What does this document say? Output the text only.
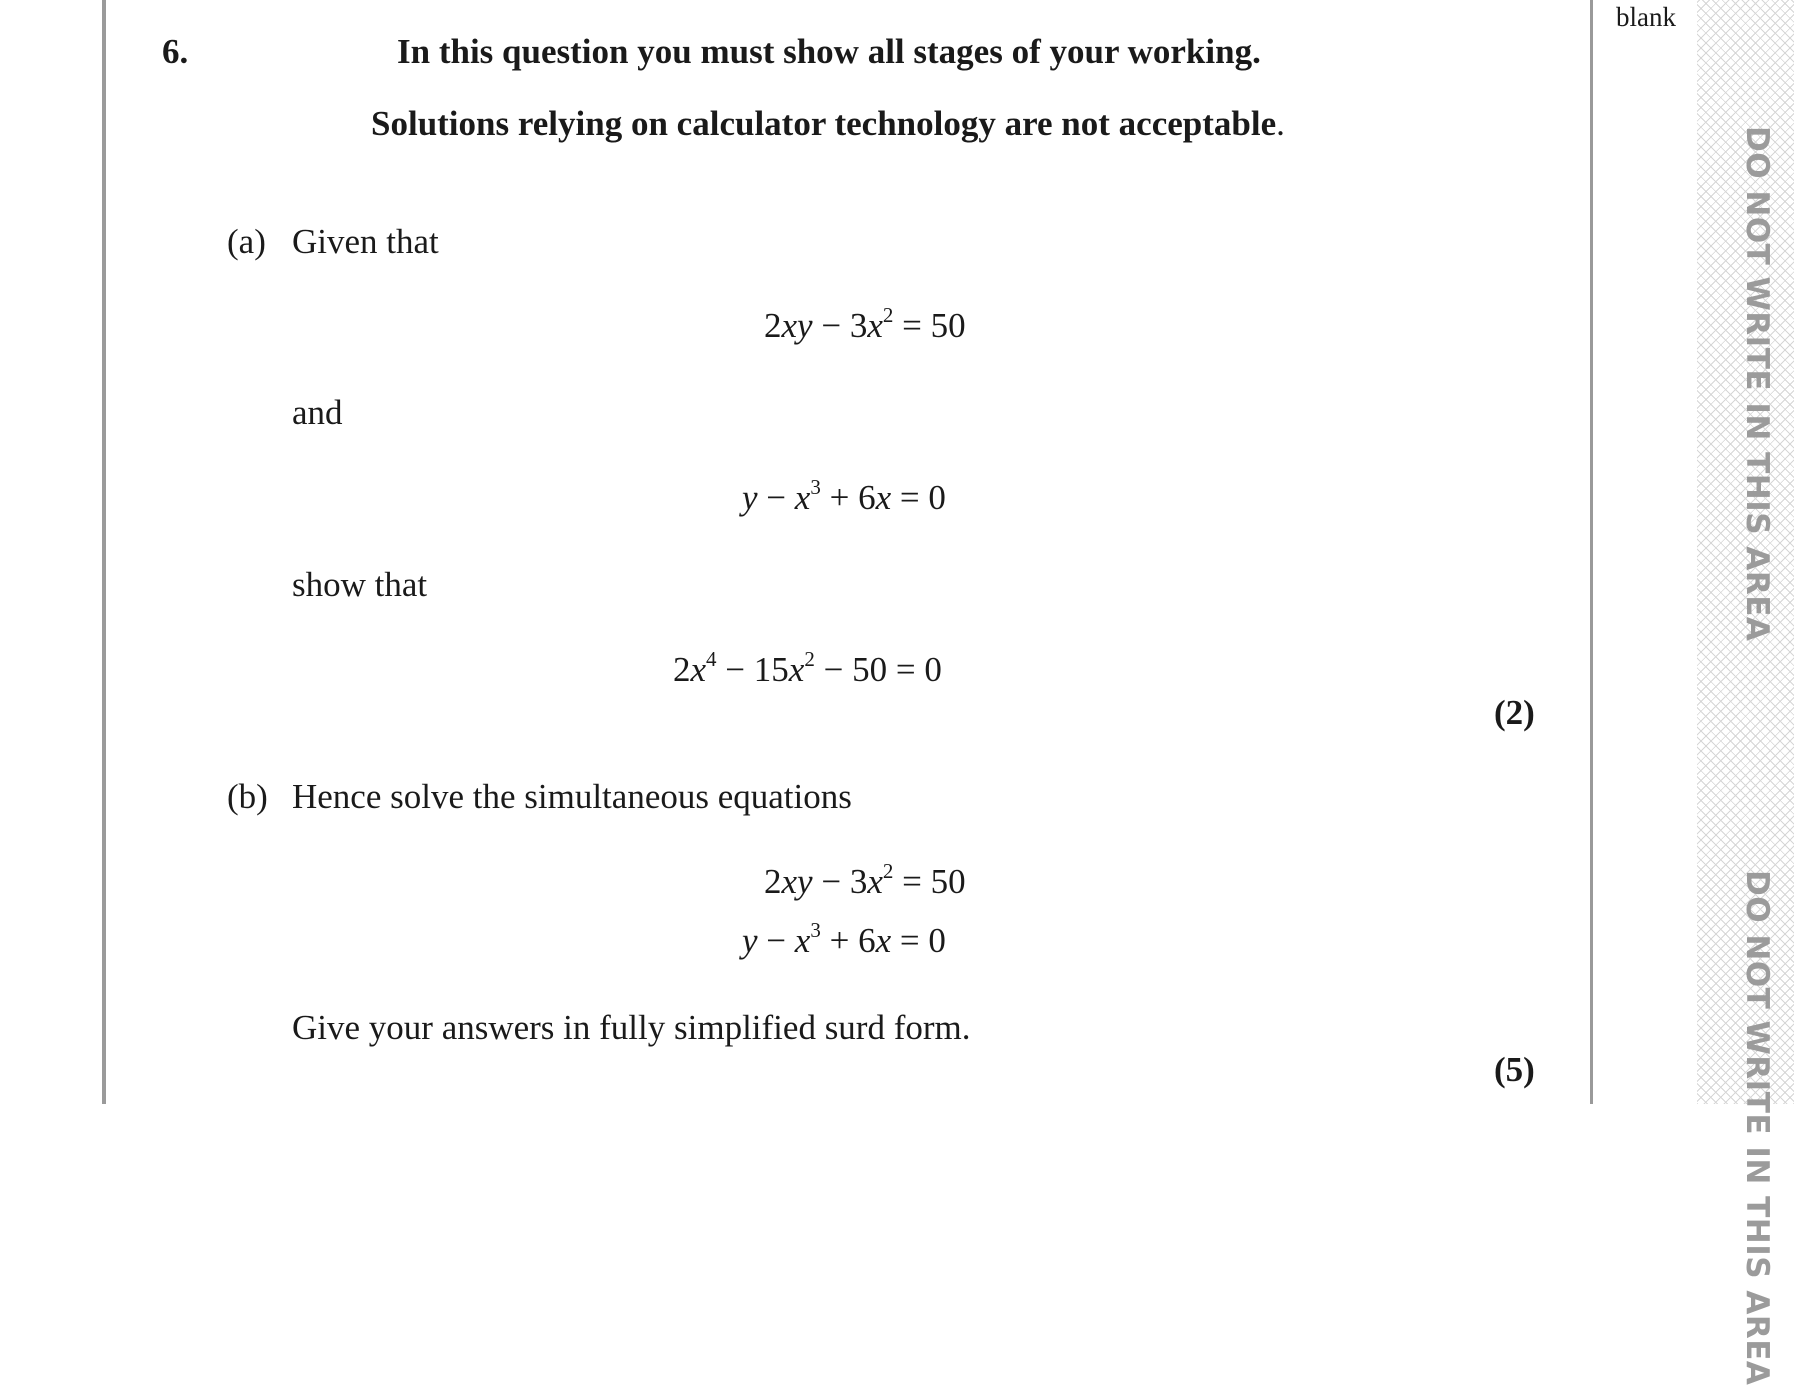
blank
6.	In this question you must show all stages of your working.
Solutions relying on calculator technology are not acceptable.
(a) Given that
$2xy - 3x^2 = 50$
and
$y - x^3 + 6x = 0$
show that
$2x^4 - 15x^2 - 50 = 0$
(2)
(b) Hence solve the simultaneous equations
$2xy - 3x^2 = 50$
$y - x^3 + 6x = 0$
Give your answers in fully simplified surd form.
(5)
DO NOT WRITE IN THIS AREA
DO NOT WRITE IN THIS AREA
